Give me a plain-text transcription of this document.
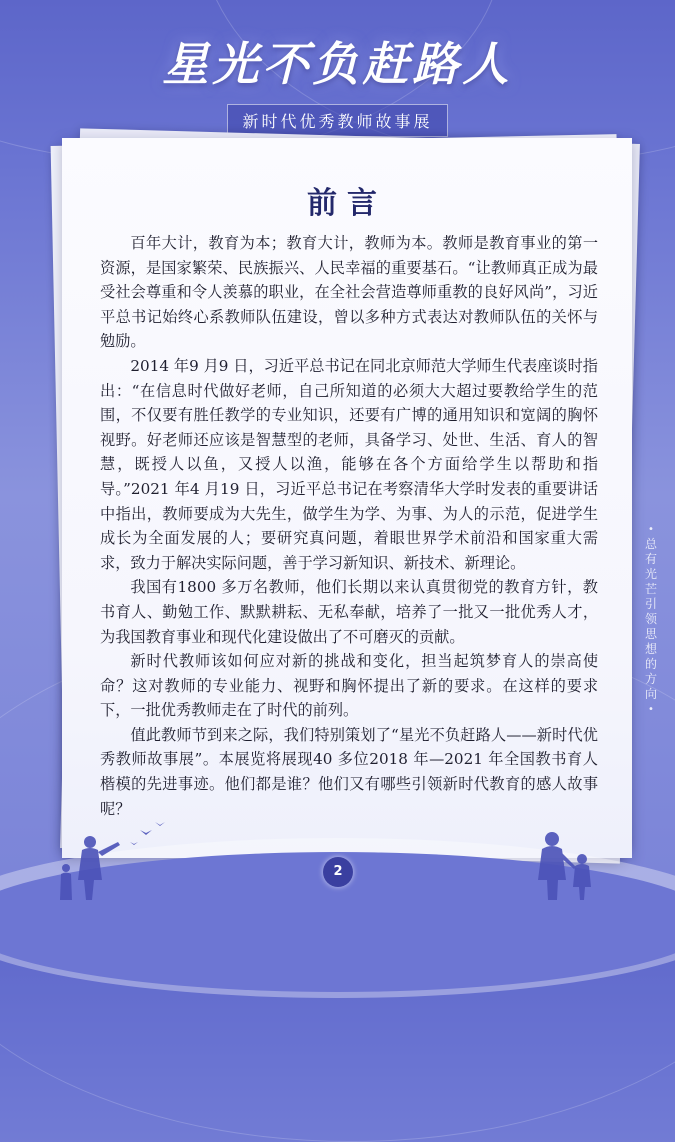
星光不负赶路人
新时代优秀教师故事展
前言

百年大计，教育为本；教育大计，教师为本。教师是教育事业的第一资源，是国家繁荣、民族振兴、人民幸福的重要基石。“让教师真正成为最受社会尊重和令人羡慕的职业，在全社会营造尊师重教的良好风尚”，习近平总书记始终心系教师队伍建设，曾以多种方式表达对教师队伍的关怀与勉励。

2014 年9 月9 日，习近平总书记在同北京师范大学师生代表座谈时指出：“在信息时代做好老师，自己所知道的必须大大超过要教给学生的范围，不仅要有胜任教学的专业知识，还要有广博的通用知识和宽阔的胸怀视野。好老师还应该是智慧型的老师，具备学习、处世、生活、育人的智慧，既授人以鱼，又授人以渔，能够在各个方面给学生以帮助和指导。”2021 年4 月19 日，习近平总书记在考察清华大学时发表的重要讲话中指出，教师要成为大先生，做学生为学、为事、为人的示范，促进学生成长为全面发展的人；要研究真问题，着眼世界学术前沿和国家重大需求，致力于解决实际问题，善于学习新知识、新技术、新理论。

我国有1800 多万名教师，他们长期以来认真贯彻党的教育方针，教书育人、勤勉工作、默默耕耘、无私奉献，培养了一批又一批优秀人才，为我国教育事业和现代化建设做出了不可磨灭的贡献。

新时代教师该如何应对新的挑战和变化，担当起筑梦育人的崇高使命？这对教师的专业能力、视野和胸怀提出了新的要求。在这样的要求下，一批优秀教师走在了时代的前列。

值此教师节到来之际，我们特别策划了“星光不负赶路人——新时代优秀教师故事展”。本展览将展现40 多位2018 年—2021 年全国教书育人楷模的先进事迹。他们都是谁？他们又有哪些引领新时代教育的感人故事呢？

2
•
总有光芒引领思想的方向
•
